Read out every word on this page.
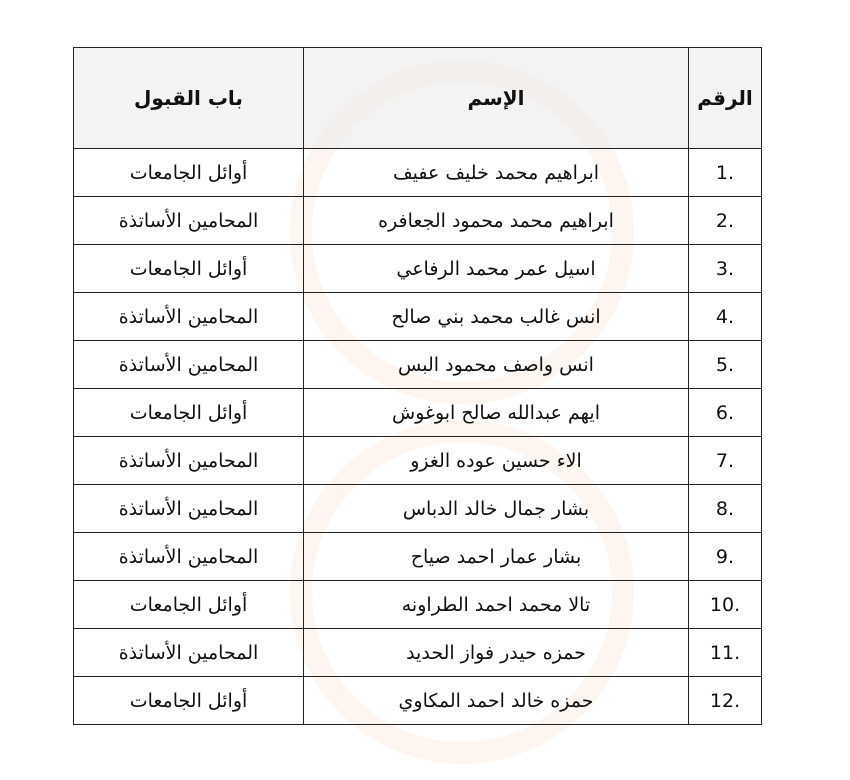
الرقم	الإسم	باب القبول
1.	ابراهيم محمد خليف عفيف	أوائل الجامعات
2.	ابراهيم محمد محمود الجعافره	المحامين الأساتذة
3.	اسيل عمر محمد الرفاعي	أوائل الجامعات
4.	انس غالب محمد بني صالح	المحامين الأساتذة
5.	انس واصف محمود البس	المحامين الأساتذة
6.	ايهم عبدالله صالح ابوغوش	أوائل الجامعات
7.	الاء حسين عوده الغزو	المحامين الأساتذة
8.	بشار جمال خالد الدباس	المحامين الأساتذة
9.	بشار عمار احمد صياح	المحامين الأساتذة
10.	تالا محمد احمد الطراونه	أوائل الجامعات
11.	حمزه حيدر فواز الحديد	المحامين الأساتذة
12.	حمزه خالد احمد المكاوي	أوائل الجامعات
